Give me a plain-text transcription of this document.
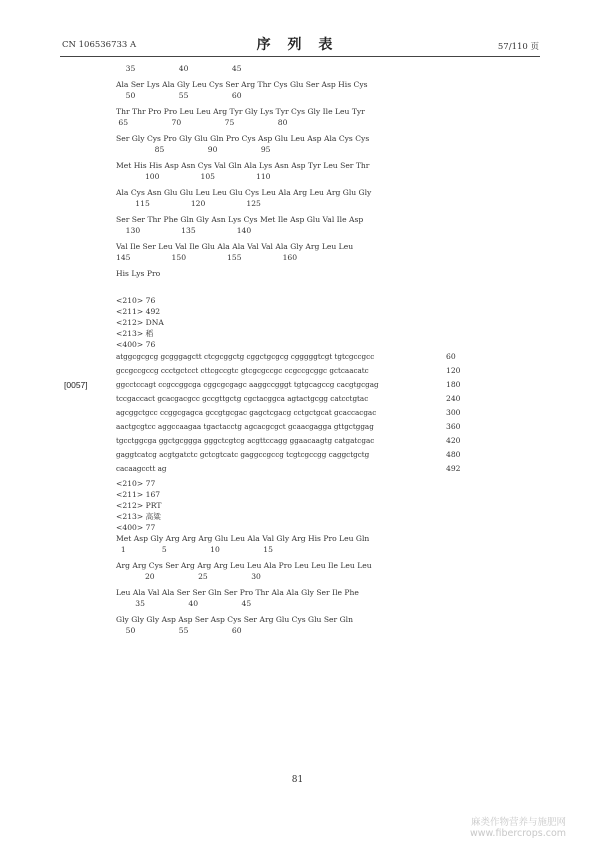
CN 106536733 A	序 列 表	57/110 页
[0057]
35                  40                  45
Ala Ser Lys Ala Gly Leu Cys Ser Arg Thr Cys Glu Ser Asp His Cys
50                  55                  60
Thr Thr Pro Pro Leu Leu Arg Tyr Gly Lys Tyr Cys Gly Ile Leu Tyr
65                  70                  75                  80
Ser Gly Cys Pro Gly Glu Gln Pro Cys Asp Glu Leu Asp Ala Cys Cys
85                  90                  95
Met His His Asp Asn Cys Val Gln Ala Lys Asn Asp Tyr Leu Ser Thr
100                 105                 110
Ala Cys Asn Glu Glu Leu Leu Glu Cys Leu Ala Arg Leu Arg Glu Gly
115                 120                 125
Ser Ser Thr Phe Gln Gly Asn Lys Cys Met Ile Asp Glu Val Ile Asp
130                 135                 140
Val Ile Ser Leu Val Ile Glu Ala Ala Val Val Ala Gly Arg Leu Leu
145                 150                 155                 160
His Lys Pro
<210> 76
<211> 492
<212> DNA
<213> 稻
<400> 76
atggcgcgcg gcgggagctt ctcgcggctg cggctgcgcg cgggggtcgt tgtcgccgcc	60
gccgccgccg ccctgctcct cttcgccgtc gtcgcgccgc ccgccgcggc gctcaacatc	120
ggcctccagt ccgccggcga cggcgcgagc aaggccgggt tgtgcagccg cacgtgcgag	180
tccgaccact gcacgacgcc gccgttgctg cgctacggca agtactgcgg catcctgtac	240
agcggctgcc ccggcgagca gccgtgcgac gagctcgacg cctgctgcat gcaccacgac	300
aactgcgtcc aggccaagaa tgactacctg agcacgcgct gcaacgagga gttgctggag	360
tgcctggcga ggctgcggga gggctcgtcg acgttccagg ggaacaagtg catgatcgac	420
gaggtcatcg acgtgatctc gctcgtcatc gaggccgccg tcgtcgccgg caggctgctg	480
cacaagcctt ag	492
<210> 77
<211> 167
<212> PRT
<213> 高粱
<400> 77
Met Asp Gly Arg Arg Arg Glu Leu Ala Val Gly Arg His Pro Leu Gln
1               5                  10                  15
Arg Arg Cys Ser Arg Arg Arg Leu Leu Ala Pro Leu Leu Ile Leu Leu
20                  25                  30
Leu Ala Val Ala Ser Ser Gln Ser Pro Thr Ala Ala Gly Ser Ile Phe
35                  40                  45
Gly Gly Gly Asp Asp Ser Asp Cys Ser Arg Glu Cys Glu Ser Gln
50                  55                  60
81
麻类作物营养与施肥网
www.fibercrops.com
